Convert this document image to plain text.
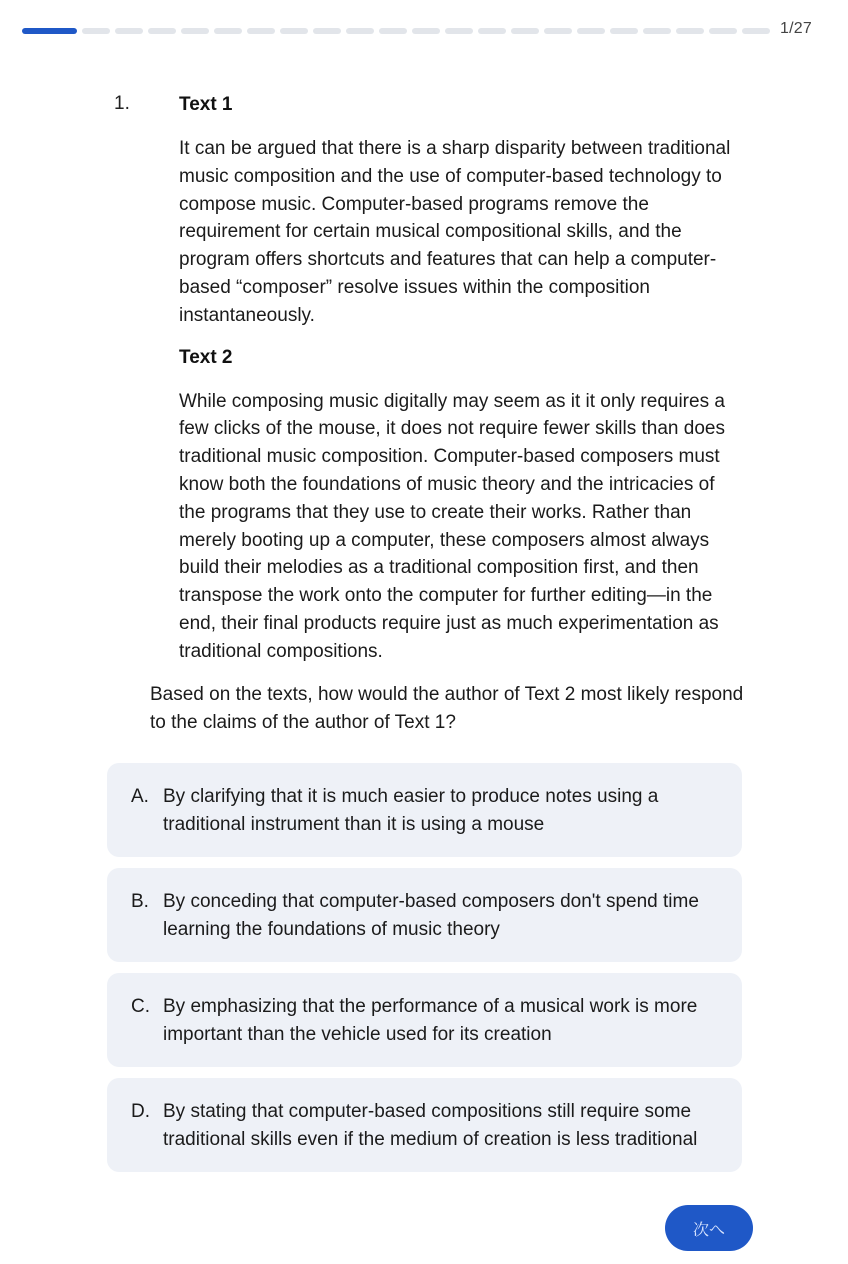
1/27
1.	Text 1

It can be argued that there is a sharp disparity between traditional music composition and the use of computer-based technology to compose music. Computer-based programs remove the requirement for certain musical compositional skills, and the program offers shortcuts and features that can help a computer-based “composer” resolve issues within the composition instantaneously.

Text 2

While composing music digitally may seem as it it only requires a few clicks of the mouse, it does not require fewer skills than does traditional music composition. Computer-based composers must know both the foundations of music theory and the intricacies of the programs that they use to create their works. Rather than merely booting up a computer, these composers almost always build their melodies as a traditional composition first, and then transpose the work onto the computer for further editing—in the end, their final products require just as much experimentation as traditional compositions.

Based on the texts, how would the author of Text 2 most likely respond to the claims of the author of Text 1?

A. By clarifying that it is much easier to produce notes using a traditional instrument than it is using a mouse
B. By conceding that computer-based composers don't spend time learning the foundations of music theory
C. By emphasizing that the performance of a musical work is more important than the vehicle used for its creation
D. By stating that computer-based compositions still require some traditional skills even if the medium of creation is less traditional
次へ
